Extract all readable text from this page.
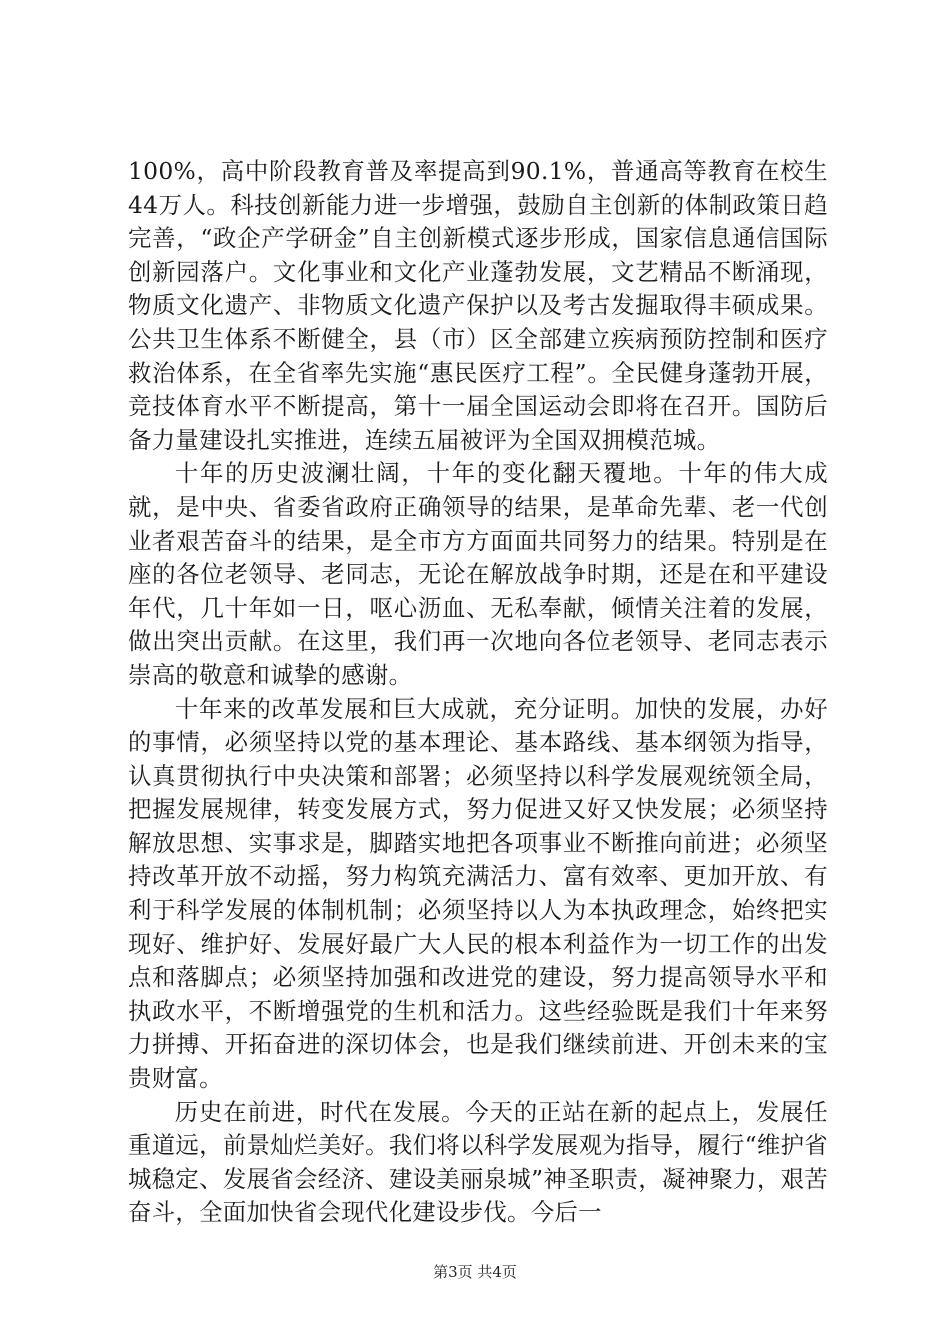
100%，高中阶段教育普及率提高到90.1%，普通高等教育在校生44万人。科技创新能力进一步增强，鼓励自主创新的体制政策日趋完善，“政企产学研金”自主创新模式逐步形成，国家信息通信国际创新园落户。文化事业和文化产业蓬勃发展，文艺精品不断涌现，物质文化遗产、非物质文化遗产保护以及考古发掘取得丰硕成果。公共卫生体系不断健全，县（市）区全部建立疾病预防控制和医疗救治体系，在全省率先实施“惠民医疗工程”。全民健身蓬勃开展，竞技体育水平不断提高，第十一届全国运动会即将在召开。国防后备力量建设扎实推进，连续五届被评为全国双拥模范城。

十年的历史波澜壮阔，十年的变化翻天覆地。十年的伟大成就，是中央、省委省政府正确领导的结果，是革命先辈、老一代创业者艰苦奋斗的结果，是全市方方面面共同努力的结果。特别是在座的各位老领导、老同志，无论在解放战争时期，还是在和平建设年代，几十年如一日，呕心沥血、无私奉献，倾情关注着的发展，做出突出贡献。在这里，我们再一次地向各位老领导、老同志表示崇高的敬意和诚挚的感谢。

十年来的改革发展和巨大成就，充分证明。加快的发展，办好的事情，必须坚持以党的基本理论、基本路线、基本纲领为指导，认真贯彻执行中央决策和部署；必须坚持以科学发展观统领全局，把握发展规律，转变发展方式，努力促进又好又快发展；必须坚持解放思想、实事求是，脚踏实地把各项事业不断推向前进；必须坚持改革开放不动摇，努力构筑充满活力、富有效率、更加开放、有利于科学发展的体制机制；必须坚持以人为本执政理念，始终把实现好、维护好、发展好最广大人民的根本利益作为一切工作的出发点和落脚点；必须坚持加强和改进党的建设，努力提高领导水平和执政水平，不断增强党的生机和活力。这些经验既是我们十年来努力拼搏、开拓奋进的深切体会，也是我们继续前进、开创未来的宝贵财富。

历史在前进，时代在发展。今天的正站在新的起点上，发展任重道远，前景灿烂美好。我们将以科学发展观为指导，履行“维护省城稳定、发展省会经济、建设美丽泉城”神圣职责，凝神聚力，艰苦奋斗，全面加快省会现代化建设步伐。今后一

第3页 共4页
